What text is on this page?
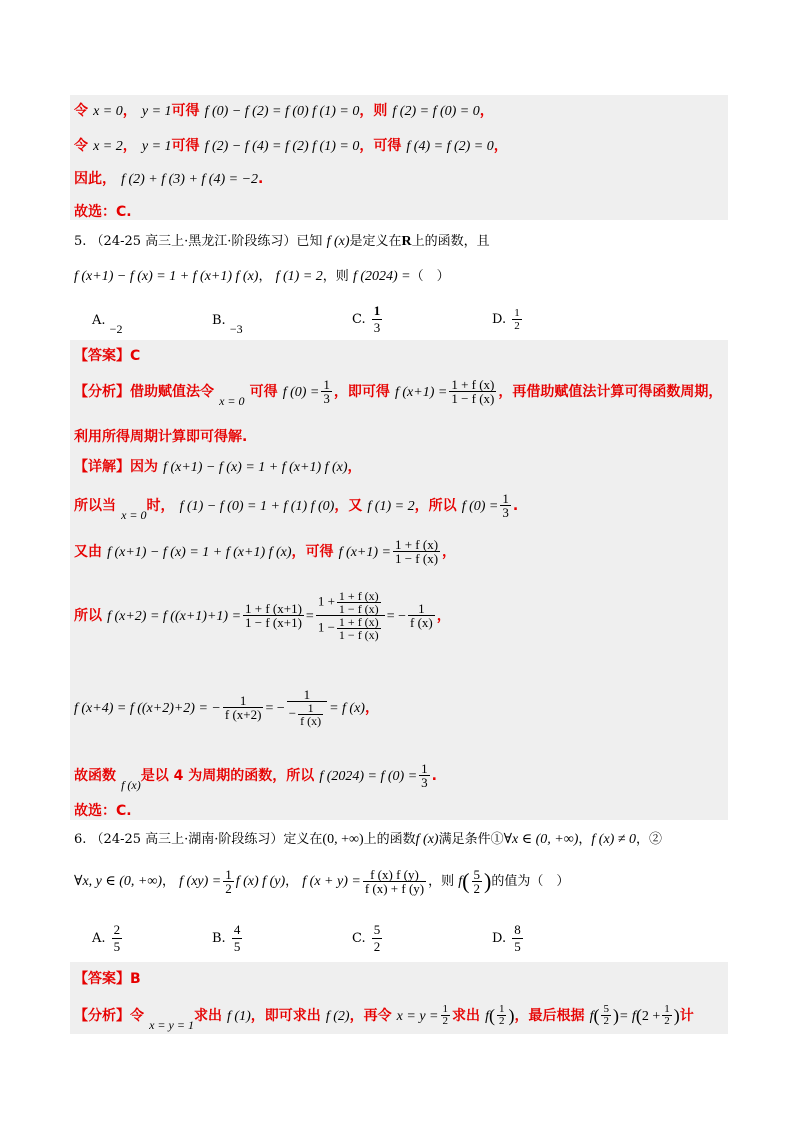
令 x = 0， y = 1可得 f (0) − f (2) = f (0) f (1) = 0，则 f (2) = f (0) = 0，
令 x = 2， y = 1可得 f (2) − f (4) = f (2) f (1) = 0，可得 f (4) = f (2) = 0，
因此， f (2) + f (3) + f (4) = −2.
故选：C.
5. （24-25 高三上·黑龙江·阶段练习）已知 f (x)是定义在R上的函数，且
f (x+1) − f (x) = 1 + f (x+1) f (x)， f (1) = 2，则 f (2024) =（　）
A. −2
B. −3
C. $\frac{1}{3}$	D. $\frac{1}{2}$
【答案】C
【分析】借助赋值法令 $_{x = 0}$ 可得 f $(0) = \frac{1}{3}$ ，即可得 f $(x+1) = \frac{1 + f (x)}{1 - f (x)}$ ，再借助赋值法计算可得函数周期，
利用所得周期计算即可得解.
【详解】因为 f (x+1) − f (x) = 1 + f (x+1) f (x)，
所以当 $_{x = 0}$时， f (1) − f (0) = 1 + f (1) f (0)，又 f (1) = 2，所以 f $(0) = \frac{1}{3}$ .
又由 f (x+1) − f (x) = 1 + f (x+1) f (x)，可得 f $(x+1) = \frac{1 + f (x)}{1 - f (x)}$ ，
所以 f (x+2) = f $((x+1)+1) = \frac{1 + f (x+1)}{1 - f (x+1)} = \frac{1 + \frac{1 + f (x)}{1 - f (x)}}{1 - \frac{1 + f (x)}{1 - f (x)}}$ = − $\frac{1}{f (x)}$ ，
f (x+4) = f ((x+2)+2) = − $\frac{1}{f (x+2)}$ = − $\frac{1}{- \frac{1}{f (x)}} = f$ (x)，
故函数 $_{f (x)}$是以 4 为周期的函数，所以 f (2024) = f $(0) = \frac{1}{3}$ .
故选：C.
6. （24-25 高三上·湖南·阶段练习）定义在(0, +∞)上的函数f (x)满足条件①∀x ∈ (0, +∞)，f (x) ≠ 0，②
∀x, y ∈ (0, +∞)， f $(xy) = \frac{1}{2}$ f (x) f (y)， f $(x + y) = \frac{f (x) f (y)}{f (x) + f (y)}$ ，则 $f( \frac{5}{2}$ )的值为（　）
A. $\frac{2}{5}$	B. $\frac{4}{5}$	C. $\frac{5}{2}$	D. $\frac{8}{5}$
【答案】B
【分析】令 $_{x = y = 1}$求出 f (1)，即可求出 f (2)，再令 $x = y = \frac{1}{2}$ 求出 $f( \frac{1}{2}$ )，最后根据 $f( \frac{5}{2}$ )= $f(2 + \frac{1}{2}$ )计
